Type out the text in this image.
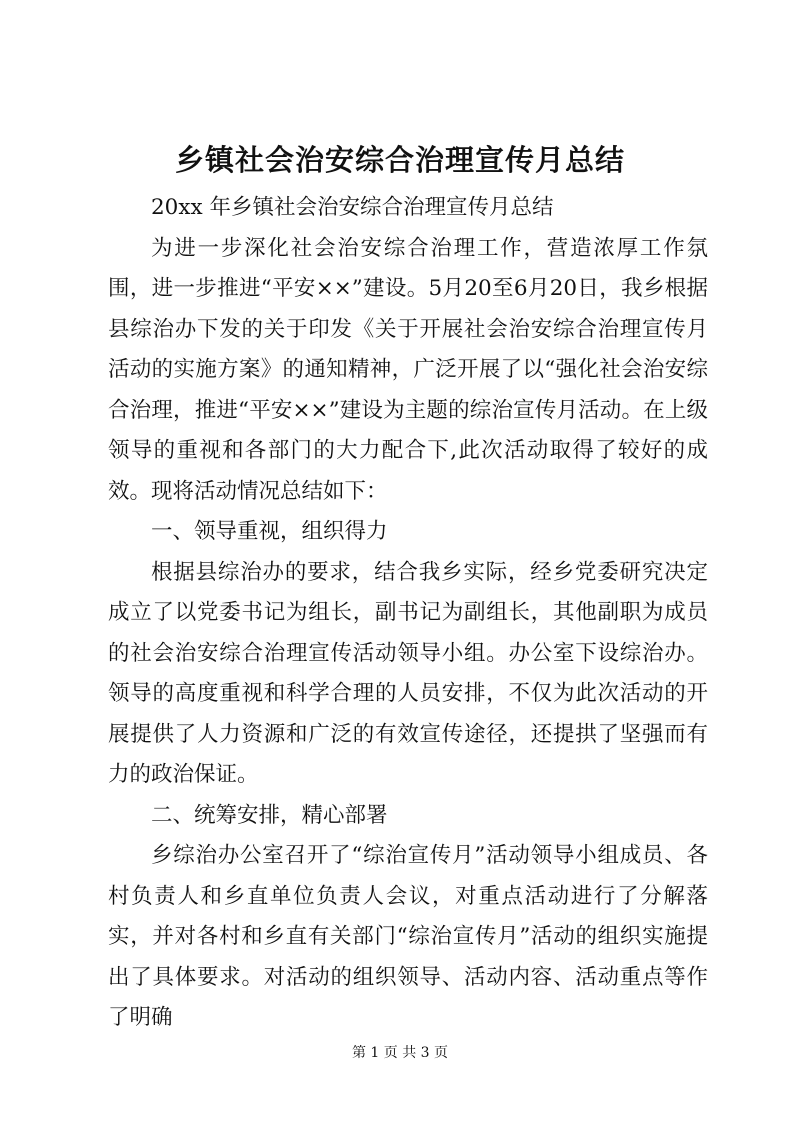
乡镇社会治安综合治理宣传月总结

20xx 年乡镇社会治安综合治理宣传月总结

为进一步深化社会治安综合治理工作，营造浓厚工作氛围，进一步推进“平安××”建设。5月20至6月20日，我乡根据县综治办下发的关于印发《关于开展社会治安综合治理宣传月活动的实施方案》的通知精神，广泛开展了以“强化社会治安综合治理，推进“平安××”建设为主题的综治宣传月活动。在上级领导的重视和各部门的大力配合下,此次活动取得了较好的成效。现将活动情况总结如下：

一、领导重视，组织得力

根据县综治办的要求，结合我乡实际，经乡党委研究决定成立了以党委书记为组长，副书记为副组长，其他副职为成员的社会治安综合治理宣传活动领导小组。办公室下设综治办。领导的高度重视和科学合理的人员安排，不仅为此次活动的开展提供了人力资源和广泛的有效宣传途径，还提拱了坚强而有力的政治保证。

二、统筹安排，精心部署

乡综治办公室召开了“综治宣传月”活动领导小组成员、各村负责人和乡直单位负责人会议，对重点活动进行了分解落实，并对各村和乡直有关部门“综治宣传月”活动的组织实施提出了具体要求。对活动的组织领导、活动内容、活动重点等作了明确

第 1 页 共 3 页
